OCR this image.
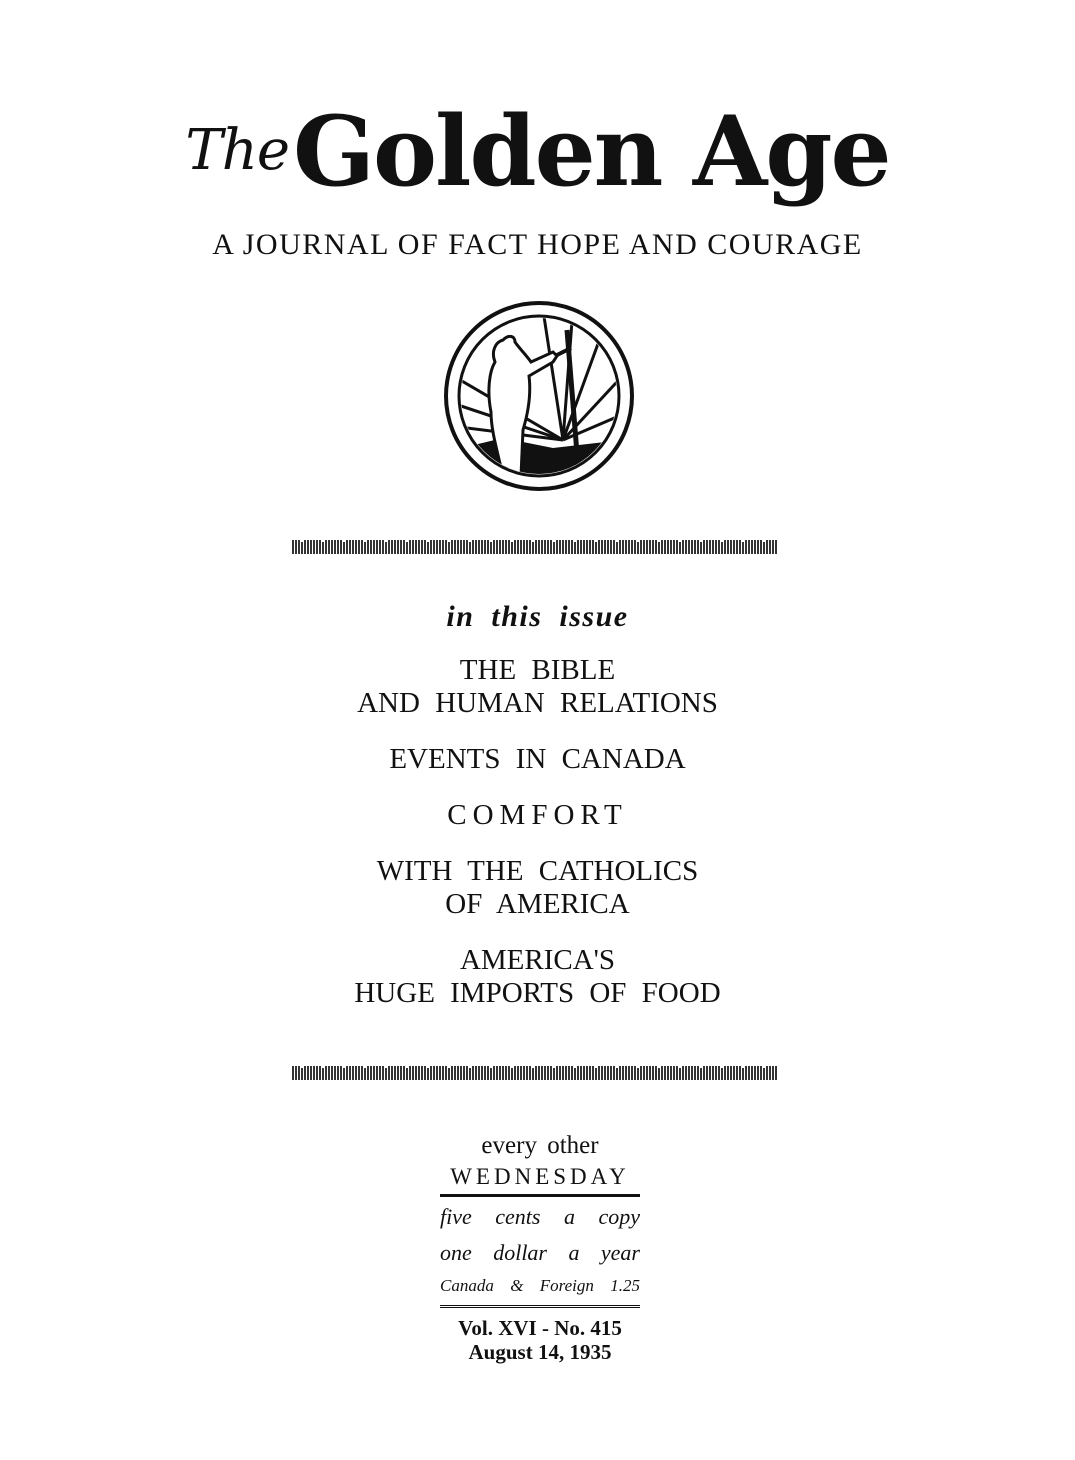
The Golden Age
A JOURNAL OF FACT HOPE AND COURAGE
in this issue
THE BIBLE
AND HUMAN RELATIONS
EVENTS IN CANADA
COMFORT
WITH THE CATHOLICS
OF AMERICA
AMERICA'S
HUGE IMPORTS OF FOOD
every other
WEDNESDAY
five cents a copy
one dollar a year
Canada & Foreign 1.25
Vol. XVI - No. 415
August 14, 1935
